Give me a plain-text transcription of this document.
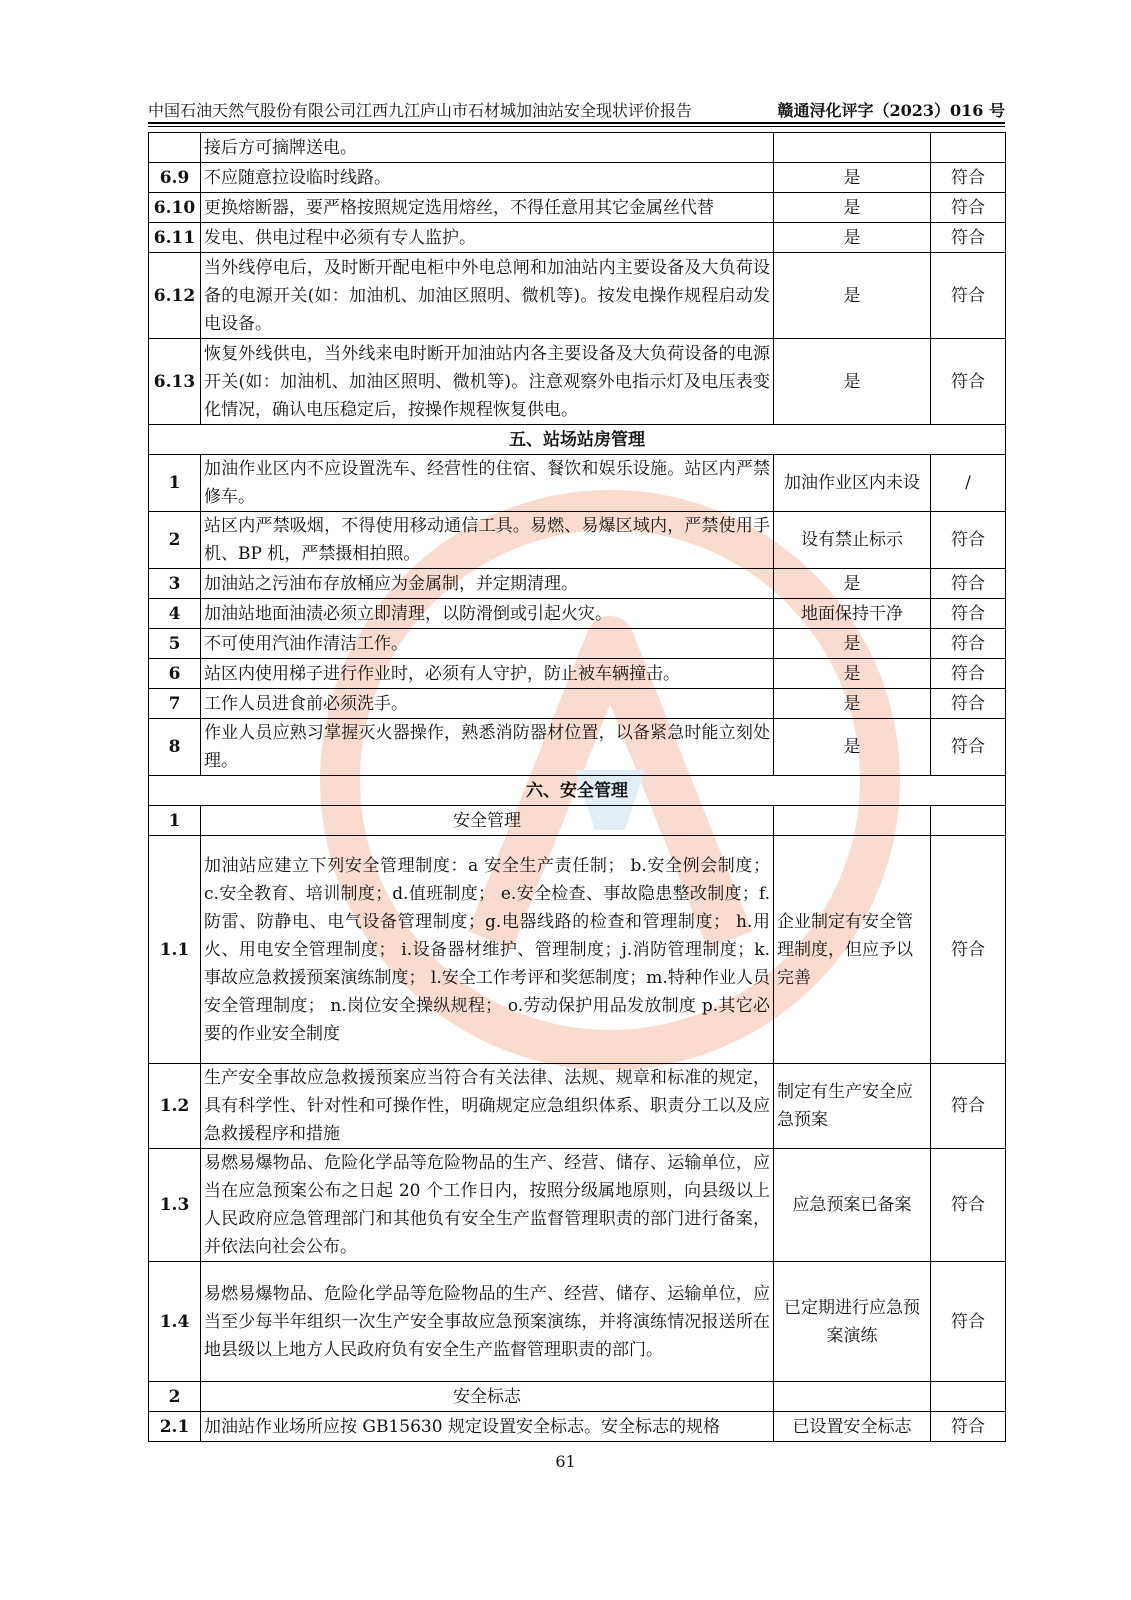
中国石油天然气股份有限公司江西九江庐山市石材城加油站安全现状评价报告	赣通浔化评字（2023）016 号
	接后方可摘牌送电。		
6.9	不应随意拉设临时线路。	是	符合
6.10	更换熔断器，要严格按照规定选用熔丝，不得任意用其它金属丝代替	是	符合
6.11	发电、供电过程中必须有专人监护。	是	符合
6.12	当外线停电后，及时断开配电柜中外电总闸和加油站内主要设备及大负荷设备的电源开关(如：加油机、加油区照明、微机等)。按发电操作规程启动发电设备。	是	符合
6.13	恢复外线供电，当外线来电时断开加油站内各主要设备及大负荷设备的电源开关(如：加油机、加油区照明、微机等)。注意观察外电指示灯及电压表变化情况，确认电压稳定后，按操作规程恢复供电。	是	符合
五、站场站房管理			
1	加油作业区内不应设置洗车、经营性的住宿、餐饮和娱乐设施。站区内严禁修车。	加油作业区内未设	/
2	站区内严禁吸烟，不得使用移动通信工具。易燃、易爆区域内，严禁使用手机、BP 机，严禁摄相拍照。	设有禁止标示	符合
3	加油站之污油布存放桶应为金属制，并定期清理。	是	符合
4	加油站地面油渍必须立即清理，以防滑倒或引起火灾。	地面保持干净	符合
5	不可使用汽油作清洁工作。	是	符合
6	站区内使用梯子进行作业时，必须有人守护，防止被车辆撞击。	是	符合
7	工作人员进食前必须洗手。	是	符合
8	作业人员应熟习掌握灭火器操作，熟悉消防器材位置，以备紧急时能立刻处理。	是	符合
六、安全管理			
1	安全管理		
1.1	加油站应建立下列安全管理制度：a 安全生产责任制； b.安全例会制度； c.安全教育、培训制度；d.值班制度； e.安全检查、事故隐患整改制度；f.防雷、防静电、电气设备管理制度；g.电器线路的检查和管理制度； h.用火、用电安全管理制度； i.设备器材维护、管理制度；j.消防管理制度；k.事故应急救援预案演练制度； l.安全工作考评和奖惩制度；m.特种作业人员安全管理制度； n.岗位安全操纵规程； o.劳动保护用品发放制度 p.其它必要的作业安全制度	企业制定有安全管理制度，但应予以完善	符合
1.2	生产安全事故应急救援预案应当符合有关法律、法规、规章和标准的规定，具有科学性、针对性和可操作性，明确规定应急组织体系、职责分工以及应急救援程序和措施	制定有生产安全应急预案	符合
1.3	易燃易爆物品、危险化学品等危险物品的生产、经营、储存、运输单位，应当在应急预案公布之日起 20 个工作日内，按照分级属地原则，向县级以上人民政府应急管理部门和其他负有安全生产监督管理职责的部门进行备案，并依法向社会公布。	应急预案已备案	符合
1.4	易燃易爆物品、危险化学品等危险物品的生产、经营、储存、运输单位，应当至少每半年组织一次生产安全事故应急预案演练，并将演练情况报送所在地县级以上地方人民政府负有安全生产监督管理职责的部门。	已定期进行应急预案演练	符合
2	安全标志		
2.1	加油站作业场所应按 GB15630 规定设置安全标志。安全标志的规格	已设置安全标志	符合
61
